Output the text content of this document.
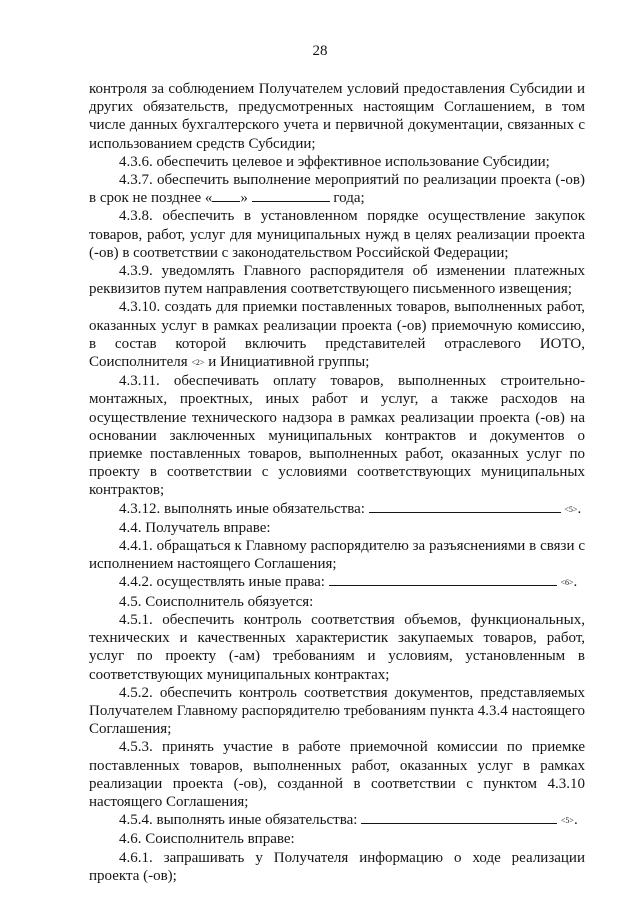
28

контроля за соблюдением Получателем условий предоставления Субсидии и других обязательств, предусмотренных настоящим Соглашением, в том числе данных бухгалтерского учета и первичной документации, связанных с использованием средств Субсидии;

4.3.6. обеспечить целевое и эффективное использование Субсидии;

4.3.7. обеспечить выполнение мероприятий по реализации проекта (-ов) в срок не позднее « »	года;

4.3.8. обеспечить в установленном порядке осуществление закупок товаров, работ, услуг для муниципальных нужд в целях реализации проекта (-ов) в соответствии с законодательством Российской Федерации;

4.3.9. уведомлять Главного распорядителя об изменении платежных реквизитов путем направления соответствующего письменного извещения;

4.3.10. создать для приемки поставленных товаров, выполненных работ, оказанных услуг в рамках реализации проекта (-ов) приемочную комиссию, в состав которой включить представителей отраслевого ИОТО, Соисполнителя <2> и Инициативной группы;

4.3.11. обеспечивать оплату товаров, выполненных строительно-монтажных, проектных, иных работ и услуг, а также расходов на осуществление технического надзора в рамках реализации проекта (-ов) на основании заключенных муниципальных контрактов и документов о приемке поставленных товаров, выполненных работ, оказанных услуг по проекту в соответствии с условиями соответствующих муниципальных контрактов;

4.3.12. выполнять иные обязательства:	<5>.

4.4. Получатель вправе:

4.4.1. обращаться к Главному распорядителю за разъяснениями в связи с исполнением настоящего Соглашения;

4.4.2. осуществлять иные права:	<6>.

4.5. Соисполнитель обязуется:

4.5.1. обеспечить контроль соответствия объемов, функциональных, технических и качественных характеристик закупаемых товаров, работ, услуг по проекту (-ам) требованиям и условиям, установленным в соответствующих муниципальных контрактах;

4.5.2. обеспечить контроль соответствия документов, представляемых Получателем Главному распорядителю требованиям пункта 4.3.4 настоящего Соглашения;

4.5.3. принять участие в работе приемочной комиссии по приемке поставленных товаров, выполненных работ, оказанных услуг в рамках реализации проекта (-ов), созданной в соответствии с пунктом 4.3.10 настоящего Соглашения;

4.5.4. выполнять иные обязательства:	<5>.

4.6. Соисполнитель вправе:

4.6.1. запрашивать у Получателя информацию о ходе реализации проекта (-ов);
